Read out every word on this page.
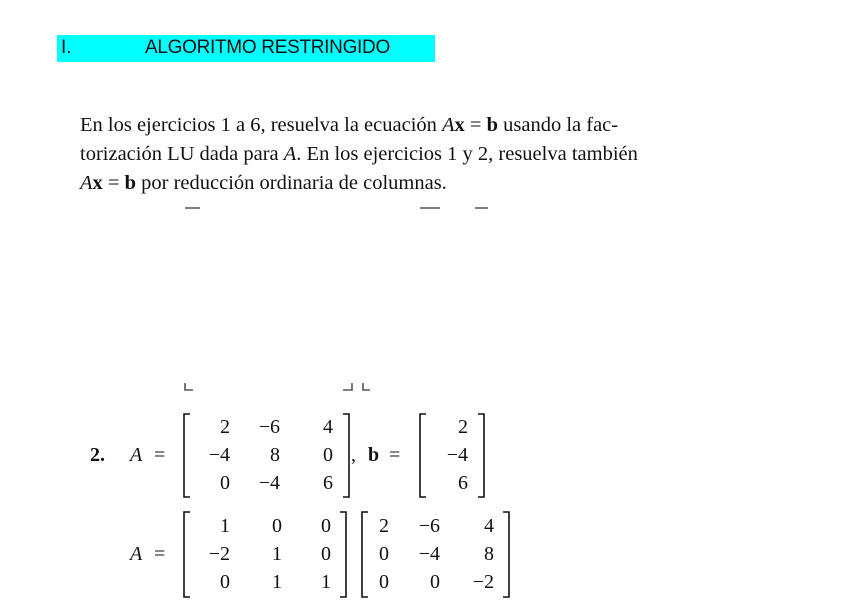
I.	ALGORITMO RESTRINGIDO

En los ejercicios 1 a 6, resuelva la ecuación Ax = b usando la fac-
torización LU dada para A. En los ejercicios 1 y 2, resuelva también
Ax = b por reducción ordinaria de columnas.

2. A =
2 −6 4
−4 8 0
0 −4 6
, b =
2
−4
6
A =
1 0 0
−2 1 0
0 1 1
2 −6 4
0 −4 8
0 0 −2
